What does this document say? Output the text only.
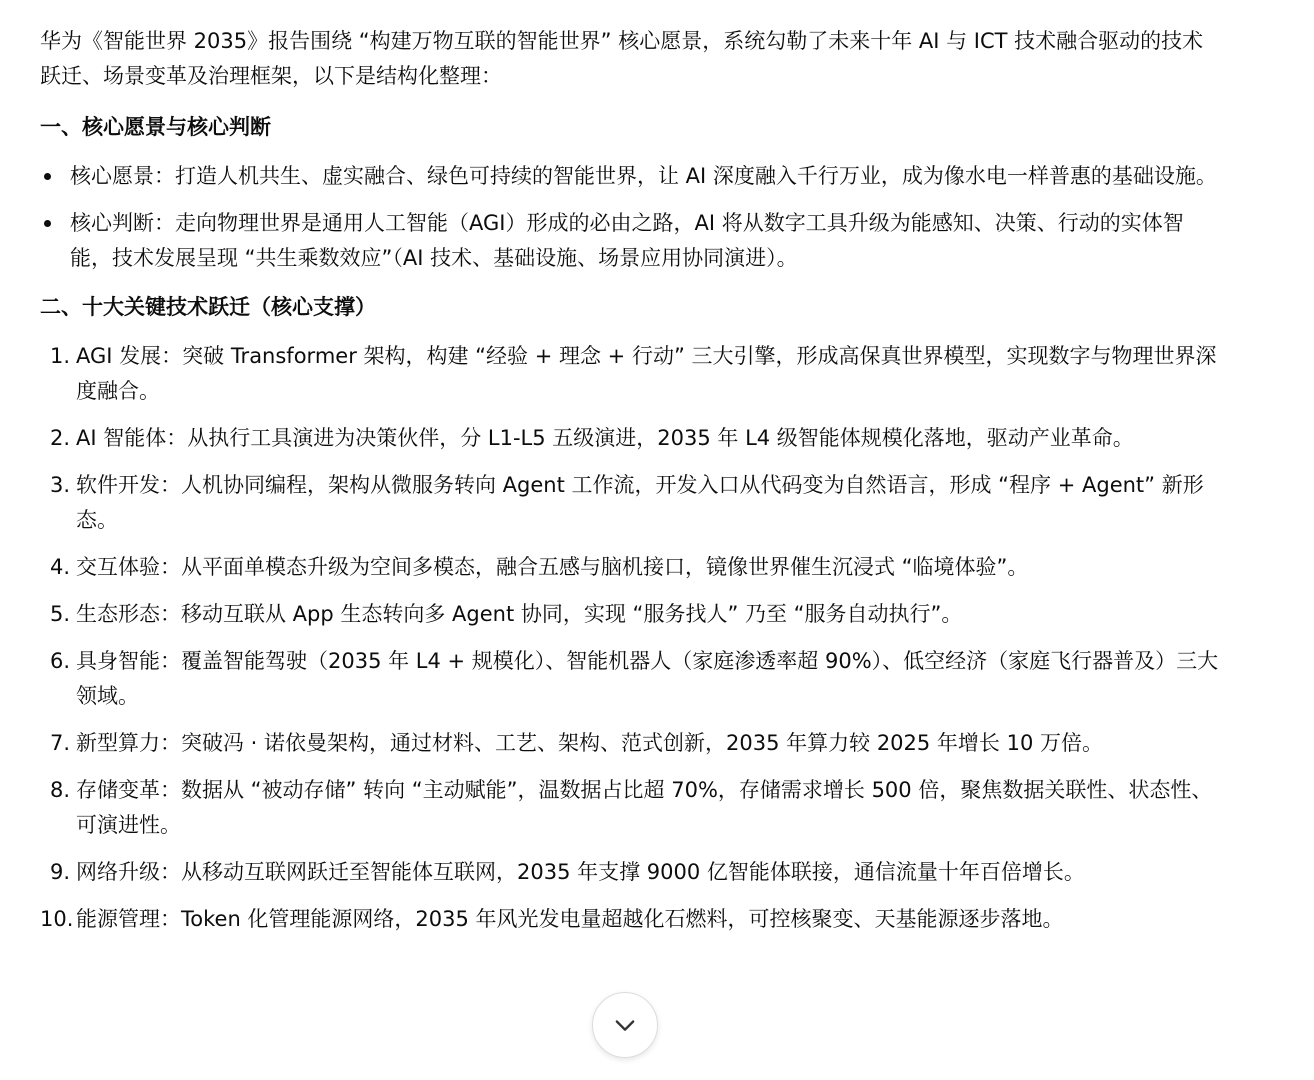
华为《智能世界 2035》报告围绕 “构建万物互联的智能世界” 核心愿景，系统勾勒了未来十年 AI 与 ICT 技术融合驱动的技术跃迁、场景变革及治理框架，以下是结构化整理：

一、核心愿景与核心判断
核心愿景：打造人机共生、虚实融合、绿色可持续的智能世界，让 AI 深度融入千行万业，成为像水电一样普惠的基础设施。
核心判断：走向物理世界是通用人工智能（AGI）形成的必由之路，AI 将从数字工具升级为能感知、决策、行动的实体智能，技术发展呈现 “共生乘数效应”（AI 技术、基础设施、场景应用协同演进）。
二、十大关键技术跃迁（核心支撑）
1. AGI 发展：突破 Transformer 架构，构建 “经验 + 理念 + 行动” 三大引擎，形成高保真世界模型，实现数字与物理世界深度融合。
2. AI 智能体：从执行工具演进为决策伙伴，分 L1-L5 五级演进，2035 年 L4 级智能体规模化落地，驱动产业革命。
3. 软件开发：人机协同编程，架构从微服务转向 Agent 工作流，开发入口从代码变为自然语言，形成 “程序 + Agent” 新形态。
4. 交互体验：从平面单模态升级为空间多模态，融合五感与脑机接口，镜像世界催生沉浸式 “临境体验”。
5. 生态形态：移动互联从 App 生态转向多 Agent 协同，实现 “服务找人” 乃至 “服务自动执行”。
6. 具身智能：覆盖智能驾驶（2035 年 L4 + 规模化）、智能机器人（家庭渗透率超 90%）、低空经济（家庭飞行器普及）三大领域。
7. 新型算力：突破冯 · 诺依曼架构，通过材料、工艺、架构、范式创新，2035 年算力较 2025 年增长 10 万倍。
8. 存储变革：数据从 “被动存储” 转向 “主动赋能”，温数据占比超 70%，存储需求增长 500 倍，聚焦数据关联性、状态性、可演进性。
9. 网络升级：从移动互联网跃迁至智能体互联网，2035 年支撑 9000 亿智能体联接，通信流量十年百倍增长。
10. 能源管理：Token 化管理能源网络，2035 年风光发电量超越化石燃料，可控核聚变、天基能源逐步落地。
